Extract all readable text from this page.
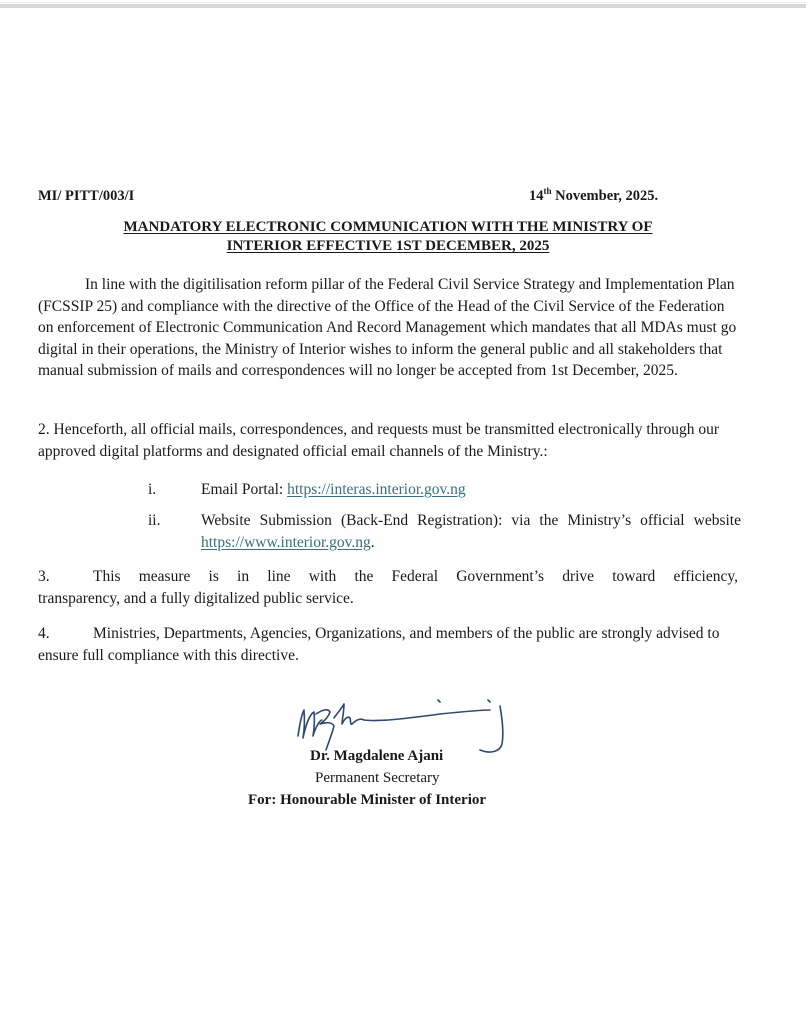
MI/ PITT/003/I	14th November, 2025.
MANDATORY ELECTRONIC COMMUNICATION WITH THE MINISTRY OF
INTERIOR EFFECTIVE 1ST DECEMBER, 2025
In line with the digitilisation reform pillar of the Federal Civil Service Strategy and Implementation Plan (FCSSIP 25) and compliance with the directive of the Office of the Head of the Civil Service of the Federation on enforcement of Electronic Communication And Record Management which mandates that all MDAs must go digital in their operations, the Ministry of Interior wishes to inform the general public and all stakeholders that manual submission of mails and correspondences will no longer be accepted from 1st December, 2025.
2. Henceforth, all official mails, correspondences, and requests must be transmitted electronically through our approved digital platforms and designated official email channels of the Ministry.:
i.	Email Portal: https://interas.interior.gov.ng
ii.	Website Submission (Back-End Registration): via the Ministry’s official website https://www.interior.gov.ng.
3.	This measure is in line with the Federal Government’s drive toward efficiency,
transparency, and a fully digitalized public service.
4.	Ministries, Departments, Agencies, Organizations, and members of the public are strongly advised to ensure full compliance with this directive.
Dr. Magdalene Ajani
Permanent Secretary
For: Honourable Minister of Interior
